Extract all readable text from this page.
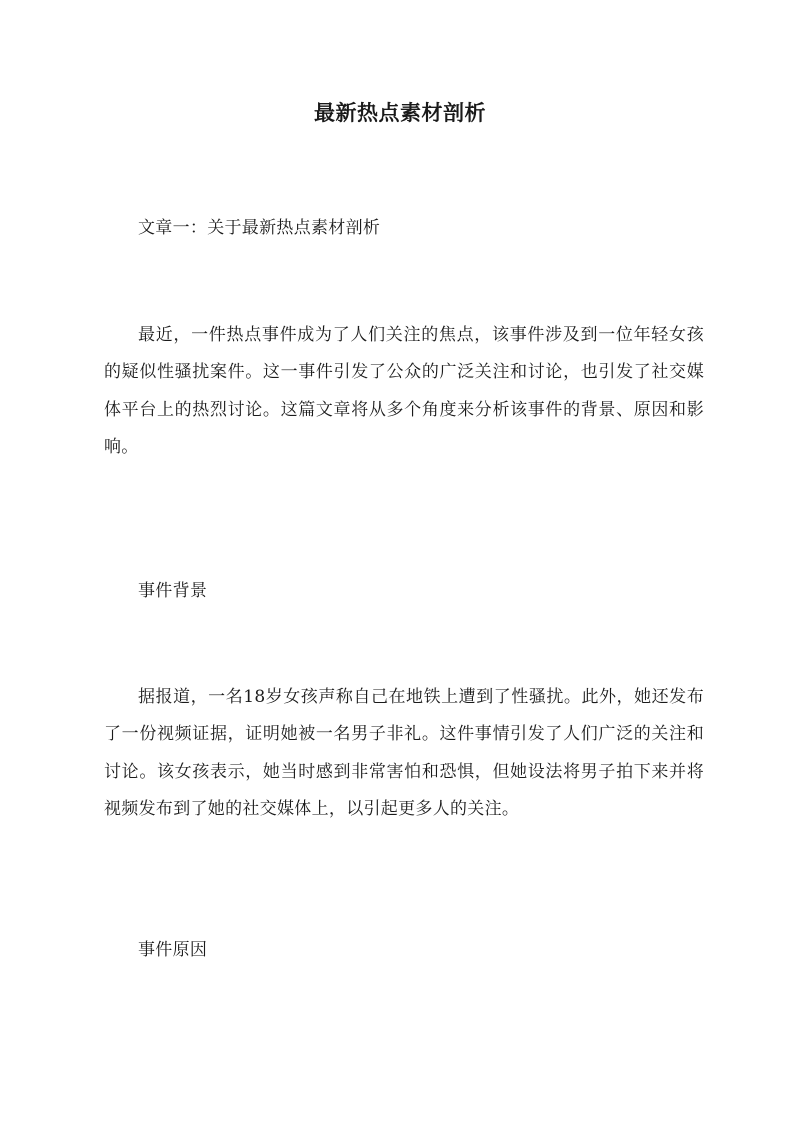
最新热点素材剖析
文章一：关于最新热点素材剖析
最近，一件热点事件成为了人们关注的焦点，该事件涉及到一位年轻女孩的疑似性骚扰案件。这一事件引发了公众的广泛关注和讨论，也引发了社交媒体平台上的热烈讨论。这篇文章将从多个角度来分析该事件的背景、原因和影响。
事件背景
据报道，一名18岁女孩声称自己在地铁上遭到了性骚扰。此外，她还发布了一份视频证据，证明她被一名男子非礼。这件事情引发了人们广泛的关注和讨论。该女孩表示，她当时感到非常害怕和恐惧，但她设法将男子拍下来并将视频发布到了她的社交媒体上，以引起更多人的关注。
事件原因
